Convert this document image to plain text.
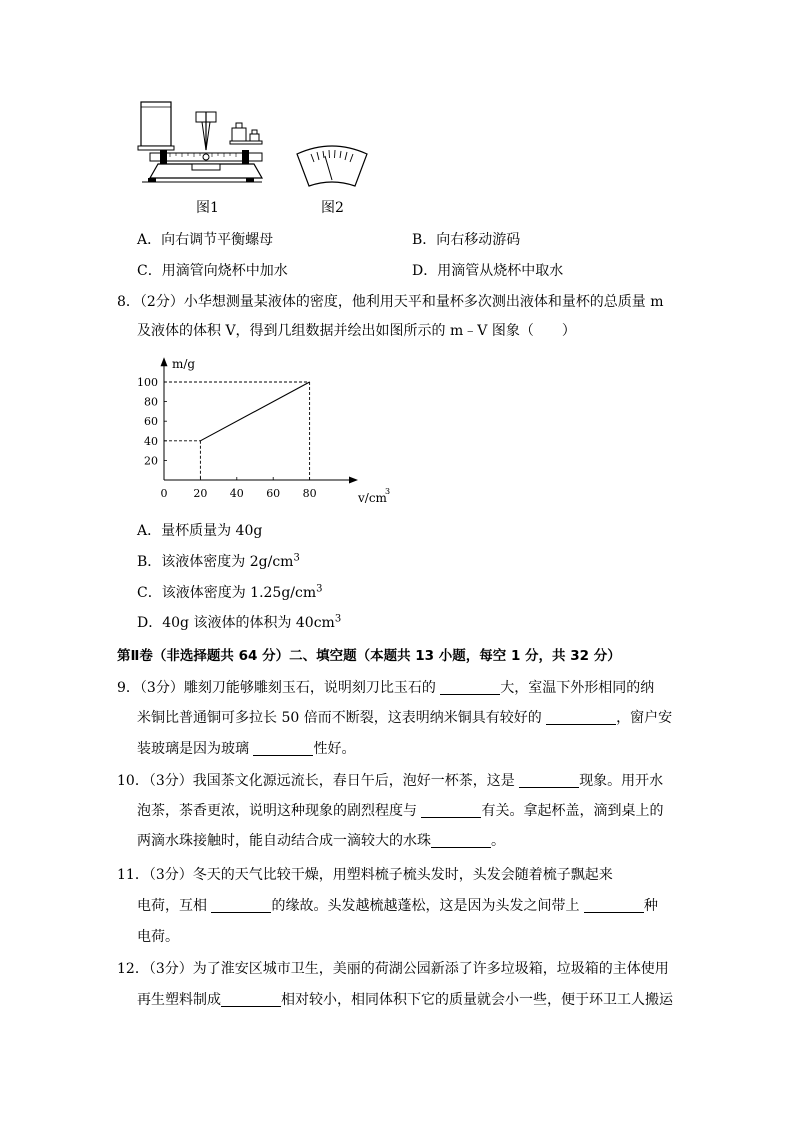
图1	图2
A．向右调节平衡螺母	B．向右移动游码
C．用滴管向烧杯中加水	D．用滴管从烧杯中取水
8．（2分）小华想测量某液体的密度，他利用天平和量杯多次测出液体和量杯的总质量 m
及液体的体积 V，得到几组数据并绘出如图所示的 m﹣V 图象（　　）
0 20 40 60 80
20
40
60
80
100
m/g
v/cm
3
A．量杯质量为 40g
B．该液体密度为 $2g/cm^3$
C．该液体密度为 $1.25g/cm^3$
D．40g 该液体的体积为 $40cm^3$
第Ⅱ卷（非选择题共 64 分）二、填空题（本题共 13 小题，每空 1 分，共 32 分）
9．（3分）雕刻刀能够雕刻玉石，说明刻刀比玉石的	大，室温下外形相同的纳
米铜比普通铜可多拉长 50 倍而不断裂，这表明纳米铜具有较好的	，窗户安
装玻璃是因为玻璃	性好。
10．（3分）我国茶文化源远流长，春日午后，泡好一杯茶，这是	现象。用开水
泡茶，茶香更浓，说明这种现象的剧烈程度与	有关。拿起杯盖，滴到桌上的
两滴水珠接触时，能自动结合成一滴较大的水珠	。
11．（3分）冬天的天气比较干燥，用塑料梳子梳头发时，头发会随着梳子飘起来
电荷，互相	的缘故。头发越梳越蓬松，这是因为头发之间带上	种
电荷。
12．（3分）为了淮安区城市卫生，美丽的荷湖公园新添了许多垃圾箱，垃圾箱的主体使用
再生塑料制成	相对较小，相同体积下它的质量就会小一些，便于环卫工人搬运
